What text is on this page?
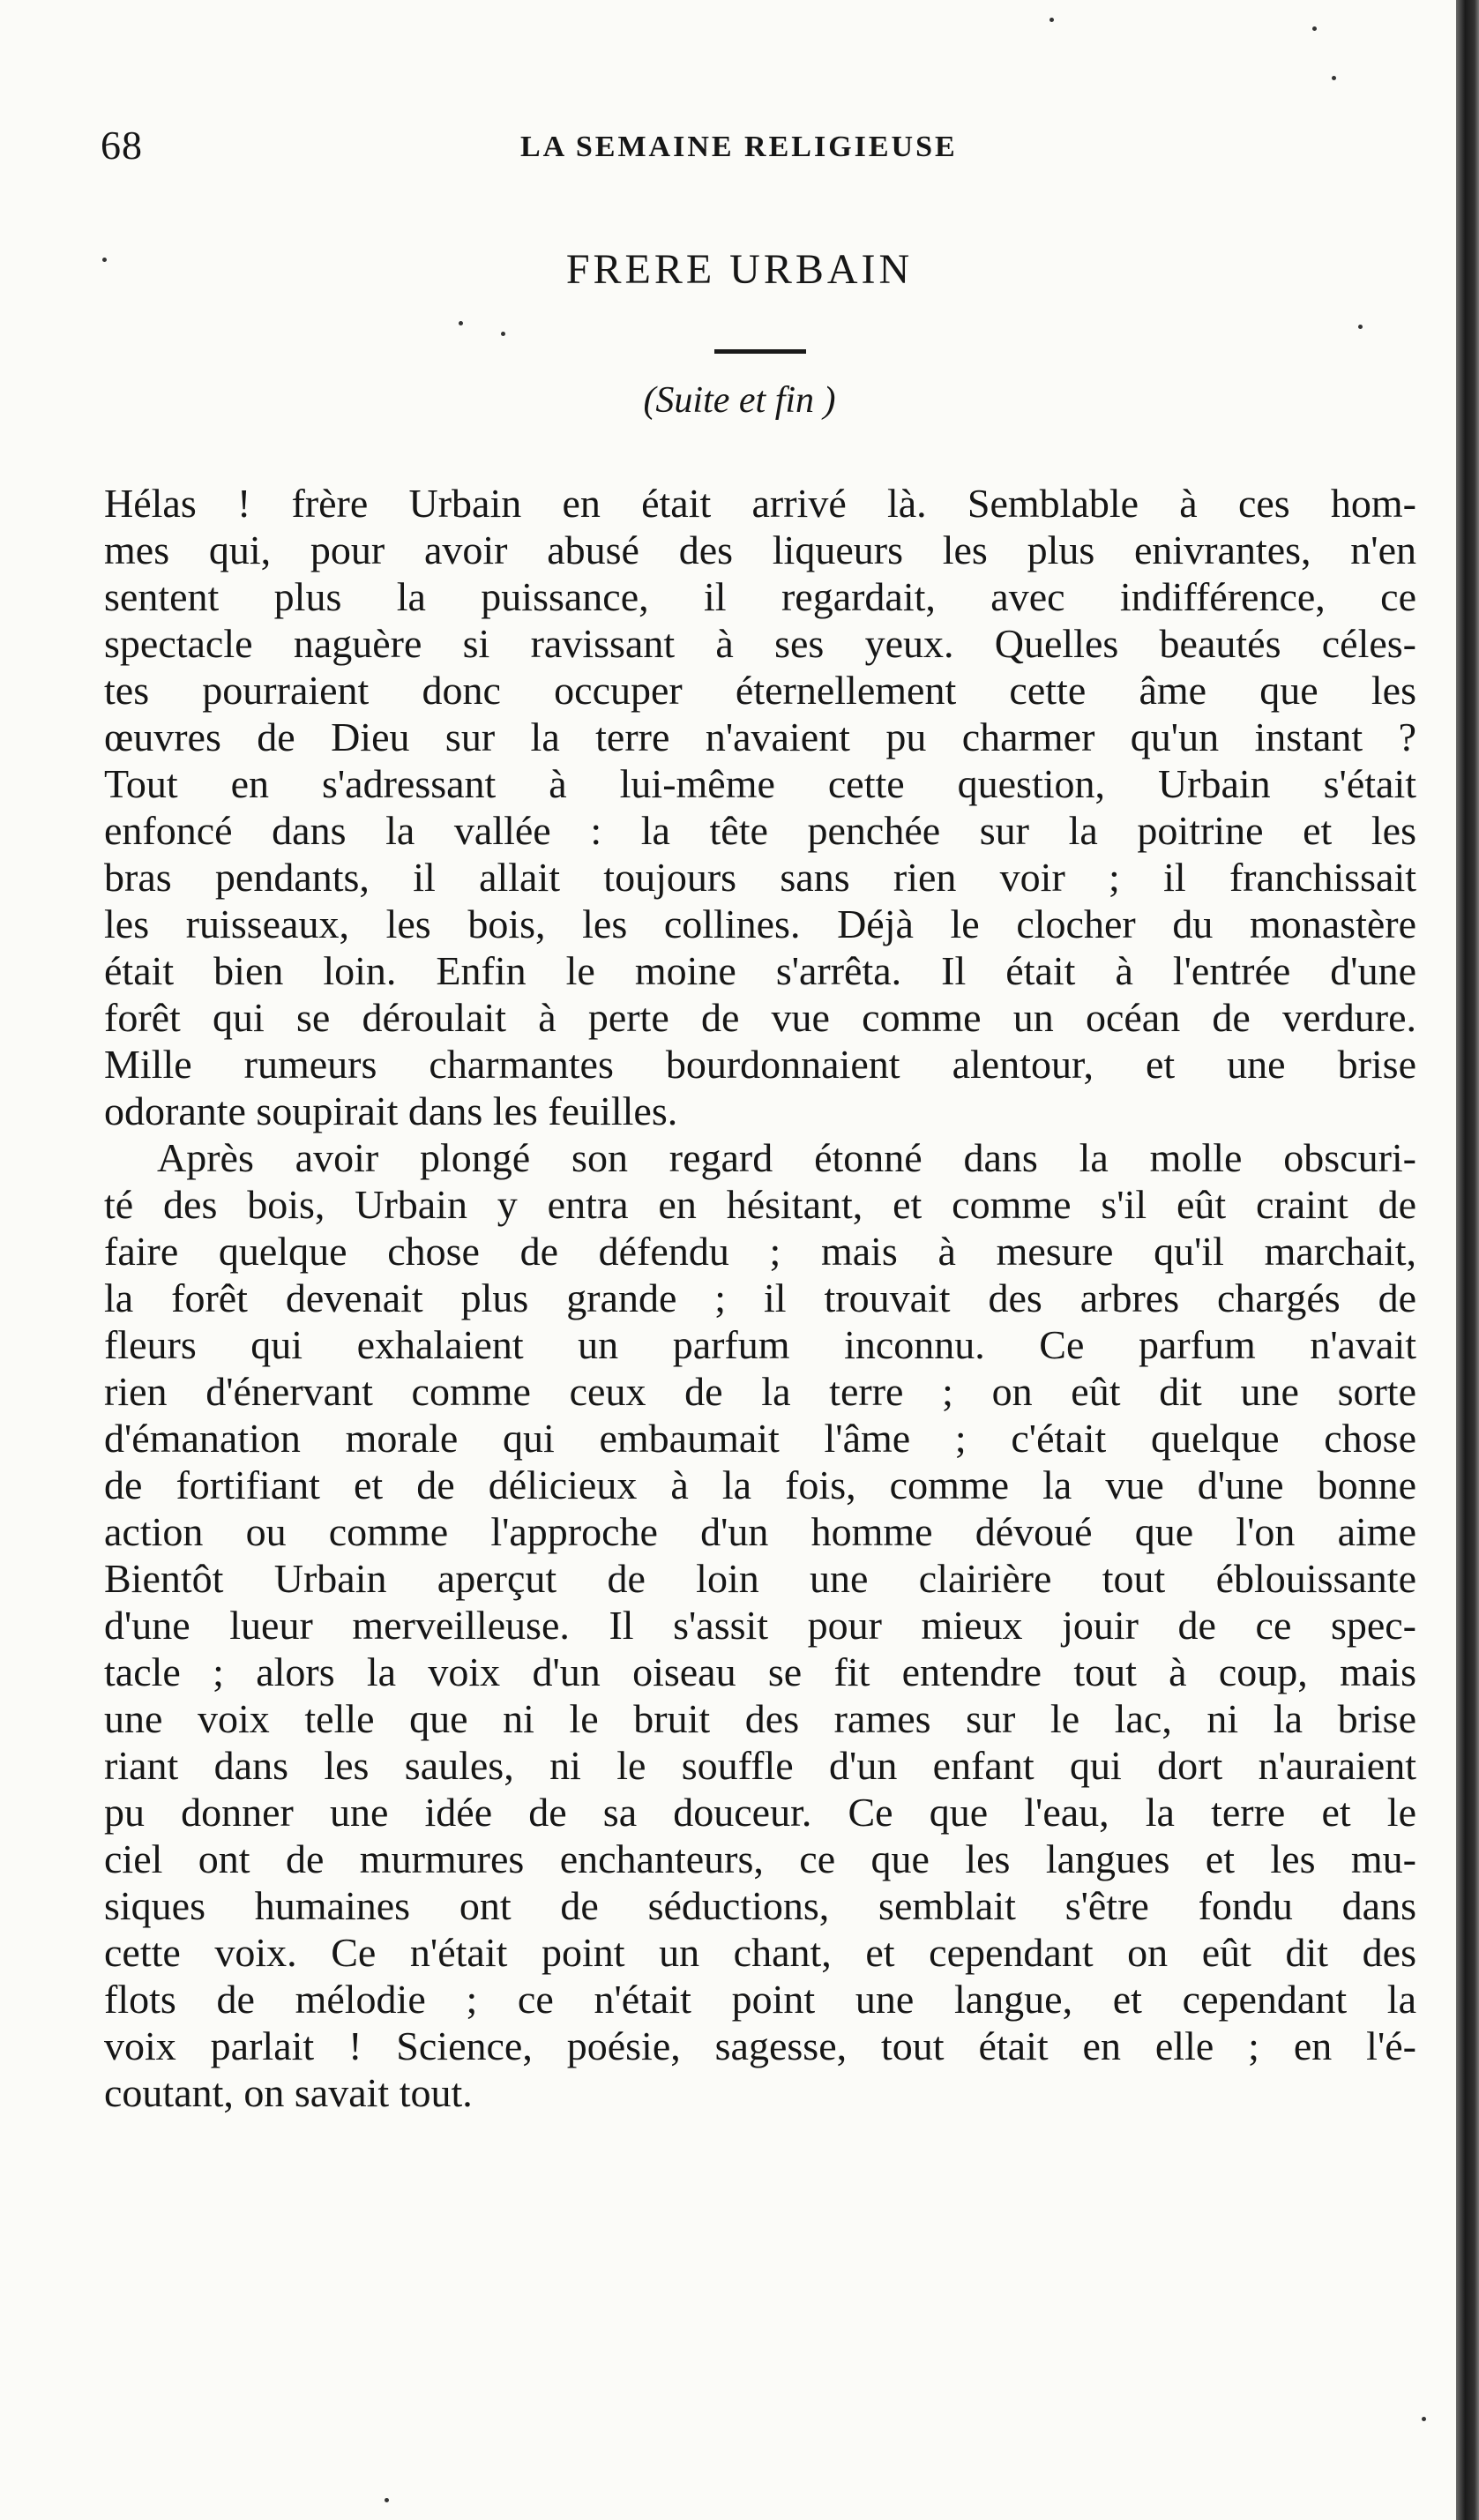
68	LA SEMAINE RELIGIEUSE
FRERE URBAIN
(Suite et fin )

Hélas ! frère Urbain en était arrivé là. Semblable à ces hom-
mes qui, pour avoir abusé des liqueurs les plus enivrantes, n'en
sentent plus la puissance, il regardait, avec indifférence, ce
spectacle naguère si ravissant à ses yeux. Quelles beautés céles-
tes pourraient donc occuper éternellement cette âme que les
œuvres de Dieu sur la terre n'avaient pu charmer qu'un instant ?
Tout en s'adressant à lui-même cette question, Urbain s'était
enfoncé dans la vallée : la tête penchée sur la poitrine et les
bras pendants, il allait toujours sans rien voir ; il franchissait
les ruisseaux, les bois, les collines. Déjà le clocher du monastère
était bien loin. Enfin le moine s'arrêta. Il était à l'entrée d'une
forêt qui se déroulait à perte de vue comme un océan de verdure.
Mille rumeurs charmantes bourdonnaient alentour, et une brise
odorante soupirait dans les feuilles.

Après avoir plongé son regard étonné dans la molle obscuri-
té des bois, Urbain y entra en hésitant, et comme s'il eût craint de
faire quelque chose de défendu ; mais à mesure qu'il marchait,
la forêt devenait plus grande ; il trouvait des arbres chargés de
fleurs qui exhalaient un parfum inconnu. Ce parfum n'avait
rien d'énervant comme ceux de la terre ; on eût dit une sorte
d'émanation morale qui embaumait l'âme ; c'était quelque chose
de fortifiant et de délicieux à la fois, comme la vue d'une bonne
action ou comme l'approche d'un homme dévoué que l'on aime
Bientôt Urbain aperçut de loin une clairière tout éblouissante
d'une lueur merveilleuse. Il s'assit pour mieux jouir de ce spec-
tacle ; alors la voix d'un oiseau se fit entendre tout à coup, mais
une voix telle que ni le bruit des rames sur le lac, ni la brise
riant dans les saules, ni le souffle d'un enfant qui dort n'auraient
pu donner une idée de sa douceur. Ce que l'eau, la terre et le
ciel ont de murmures enchanteurs, ce que les langues et les mu-
siques humaines ont de séductions, semblait s'être fondu dans
cette voix. Ce n'était point un chant, et cependant on eût dit des
flots de mélodie ; ce n'était point une langue, et cependant la
voix parlait ! Science, poésie, sagesse, tout était en elle ; en l'é-
coutant, on savait tout.
